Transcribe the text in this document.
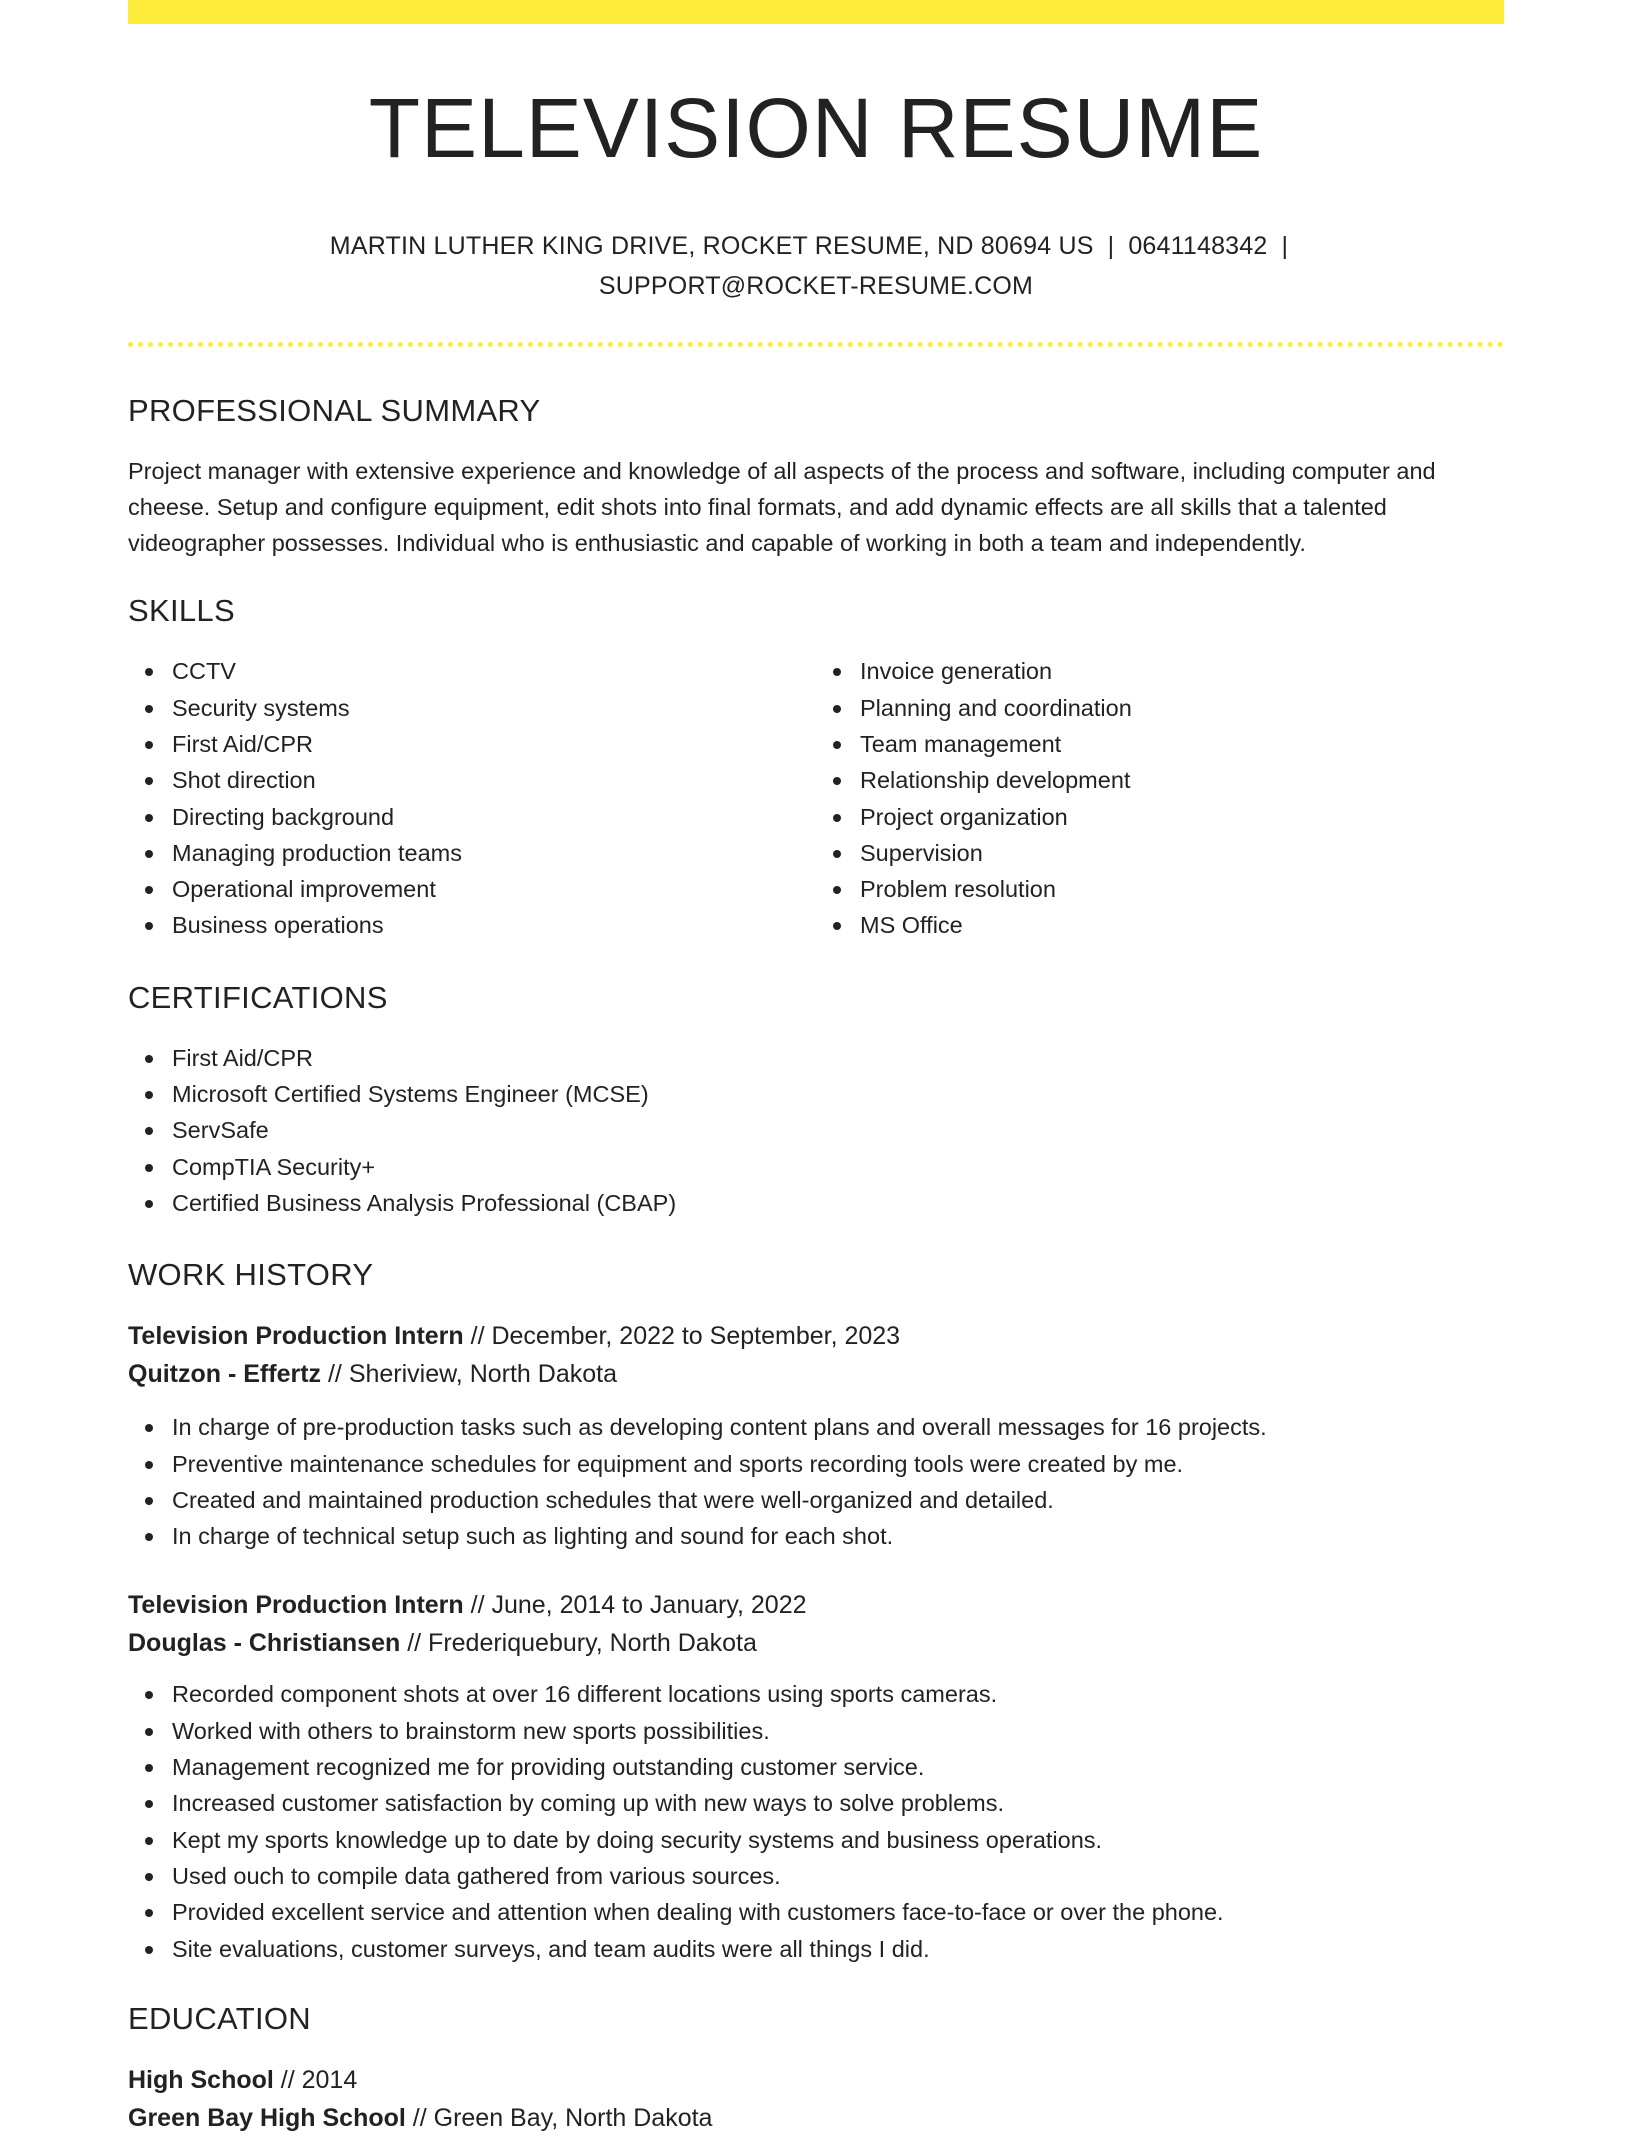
TELEVISION RESUME
MARTIN LUTHER KING DRIVE, ROCKET RESUME, ND 80694 US | 0641148342 |
SUPPORT@ROCKET-RESUME.COM
PROFESSIONAL SUMMARY
Project manager with extensive experience and knowledge of all aspects of the process and software, including computer and cheese. Setup and configure equipment, edit shots into final formats, and add dynamic effects are all skills that a talented videographer possesses. Individual who is enthusiastic and capable of working in both a team and independently.
SKILLS
CCTV
Security systems
First Aid/CPR
Shot direction
Directing background
Managing production teams
Operational improvement
Business operations
Invoice generation
Planning and coordination
Team management
Relationship development
Project organization
Supervision
Problem resolution
MS Office
CERTIFICATIONS
First Aid/CPR
Microsoft Certified Systems Engineer (MCSE)
ServSafe
CompTIA Security+
Certified Business Analysis Professional (CBAP)
WORK HISTORY
Television Production Intern // December, 2022 to September, 2023
Quitzon - Effertz // Sheriview, North Dakota
In charge of pre-production tasks such as developing content plans and overall messages for 16 projects.
Preventive maintenance schedules for equipment and sports recording tools were created by me.
Created and maintained production schedules that were well-organized and detailed.
In charge of technical setup such as lighting and sound for each shot.
Television Production Intern // June, 2014 to January, 2022
Douglas - Christiansen // Frederiquebury, North Dakota
Recorded component shots at over 16 different locations using sports cameras.
Worked with others to brainstorm new sports possibilities.
Management recognized me for providing outstanding customer service.
Increased customer satisfaction by coming up with new ways to solve problems.
Kept my sports knowledge up to date by doing security systems and business operations.
Used ouch to compile data gathered from various sources.
Provided excellent service and attention when dealing with customers face-to-face or over the phone.
Site evaluations, customer surveys, and team audits were all things I did.
EDUCATION
High School // 2014
Green Bay High School // Green Bay, North Dakota
